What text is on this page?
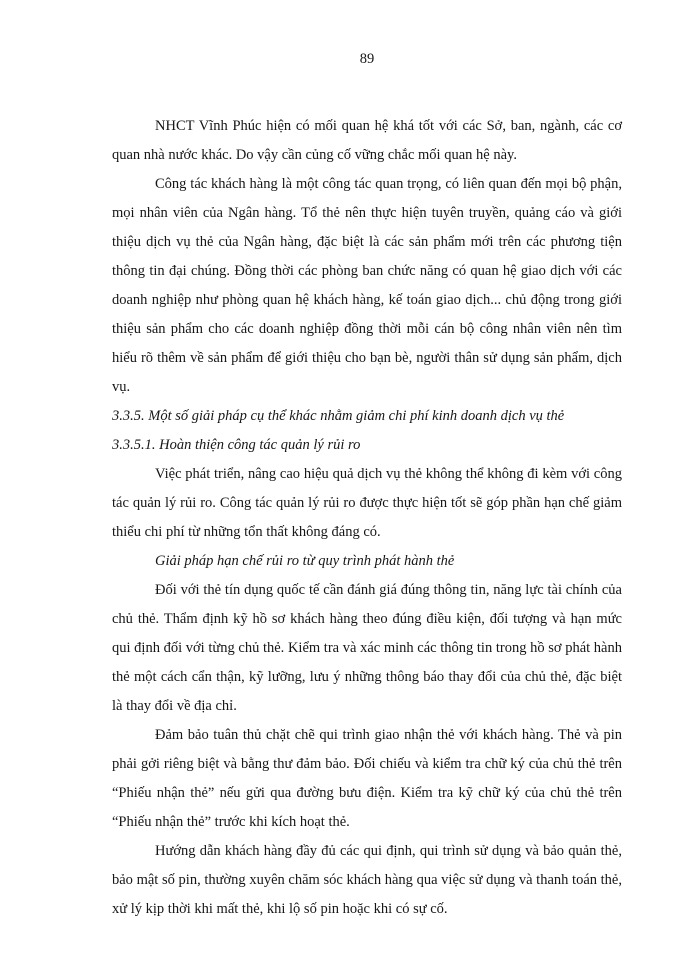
89

NHCT Vĩnh Phúc hiện có mối quan hệ khá tốt với các Sở, ban, ngành, các cơ quan nhà nước khác. Do vậy cần củng cố vững chắc mối quan hệ này.

Công tác khách hàng là một công tác quan trọng, có liên quan đến mọi bộ phận, mọi nhân viên của Ngân hàng. Tổ thẻ nên thực hiện tuyên truyền, quảng cáo và giới thiệu dịch vụ thẻ của Ngân hàng, đặc biệt là các sản phẩm mới trên các phương tiện thông tin đại chúng. Đồng thời các phòng ban chức năng có quan hệ giao dịch với các doanh nghiệp như phòng quan hệ khách hàng, kế toán giao dịch... chủ động trong giới thiệu sản phẩm cho các doanh nghiệp đồng thời mỗi cán bộ công nhân viên nên tìm hiểu rõ thêm về sản phẩm để giới thiệu cho bạn bè, người thân sử dụng sản phẩm, dịch vụ.

3.3.5. Một số giải pháp cụ thể khác nhằm giảm chi phí kinh doanh dịch vụ thẻ
3.3.5.1. Hoàn thiện công tác quản lý rủi ro

Việc phát triển, nâng cao hiệu quả dịch vụ thẻ không thể không đi kèm với công tác quản lý rủi ro. Công tác quản lý rủi ro được thực hiện tốt sẽ góp phần hạn chế giảm thiểu chi phí từ những tổn thất không đáng có.

Giải pháp hạn chế rủi ro từ quy trình phát hành thẻ

Đối với thẻ tín dụng quốc tế cần đánh giá đúng thông tin, năng lực tài chính của chủ thẻ. Thẩm định kỹ hồ sơ khách hàng theo đúng điều kiện, đối tượng và hạn mức qui định đối với từng chủ thẻ. Kiểm tra và xác minh các thông tin trong hồ sơ phát hành thẻ một cách cẩn thận, kỹ lưỡng, lưu ý những thông báo thay đổi của chủ thẻ, đặc biệt là thay đổi về địa chỉ.

Đảm bảo tuân thủ chặt chẽ qui trình giao nhận thẻ với khách hàng. Thẻ và pin phải gởi riêng biệt và bằng thư đảm bảo. Đối chiếu và kiểm tra chữ ký của chủ thẻ trên “Phiếu nhận thẻ” nếu gửi qua đường bưu điện. Kiểm tra kỹ chữ ký của chủ thẻ trên “Phiếu nhận thẻ” trước khi kích hoạt thẻ.

Hướng dẫn khách hàng đầy đủ các qui định, qui trình sử dụng và bảo quản thẻ, bảo mật số pin, thường xuyên chăm sóc khách hàng qua việc sử dụng và thanh toán thẻ, xử lý kịp thời khi mất thẻ, khi lộ số pin hoặc khi có sự cố.
